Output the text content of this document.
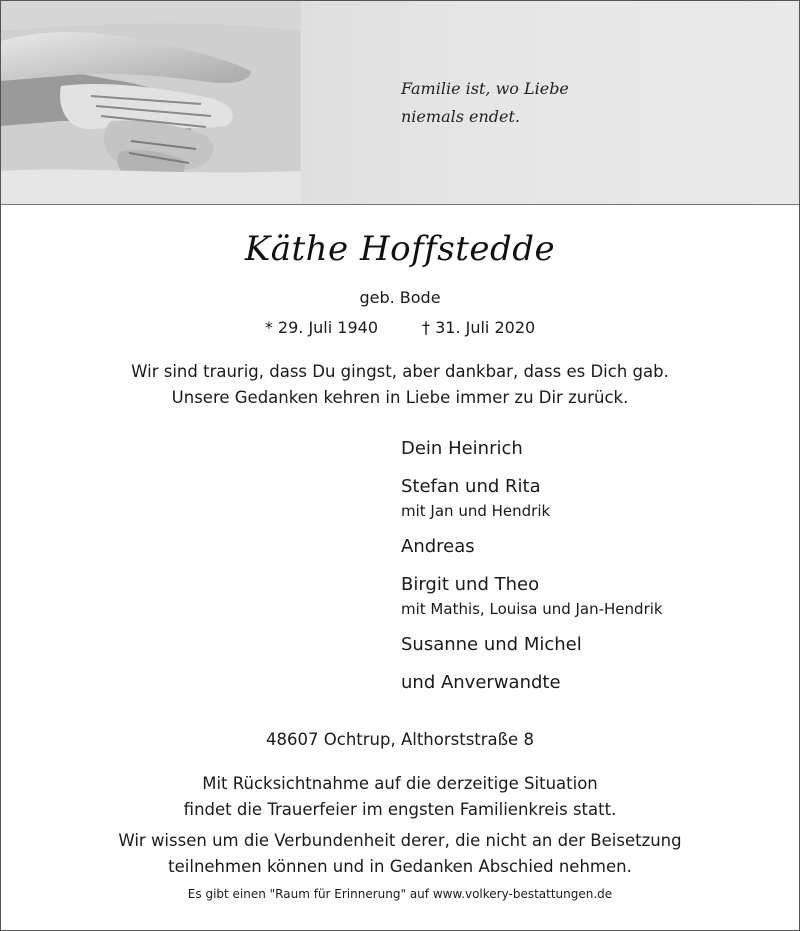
Familie ist, wo Liebe
niemals endet.
Käthe Hoffstedde
geb. Bode
* 29. Juli 1940	† 31. Juli 2020
Wir sind traurig, dass Du gingst, aber dankbar, dass es Dich gab.
Unsere Gedanken kehren in Liebe immer zu Dir zurück.
Dein Heinrich
Stefan und Rita
mit Jan und Hendrik
Andreas
Birgit und Theo
mit Mathis, Louisa und Jan-Hendrik
Susanne und Michel
und Anverwandte
48607 Ochtrup, Althorststraße 8
Mit Rücksichtnahme auf die derzeitige Situation
findet die Trauerfeier im engsten Familienkreis statt.
Wir wissen um die Verbundenheit derer, die nicht an der Beisetzung
teilnehmen können und in Gedanken Abschied nehmen.
Es gibt einen "Raum für Erinnerung" auf www.volkery-bestattungen.de
